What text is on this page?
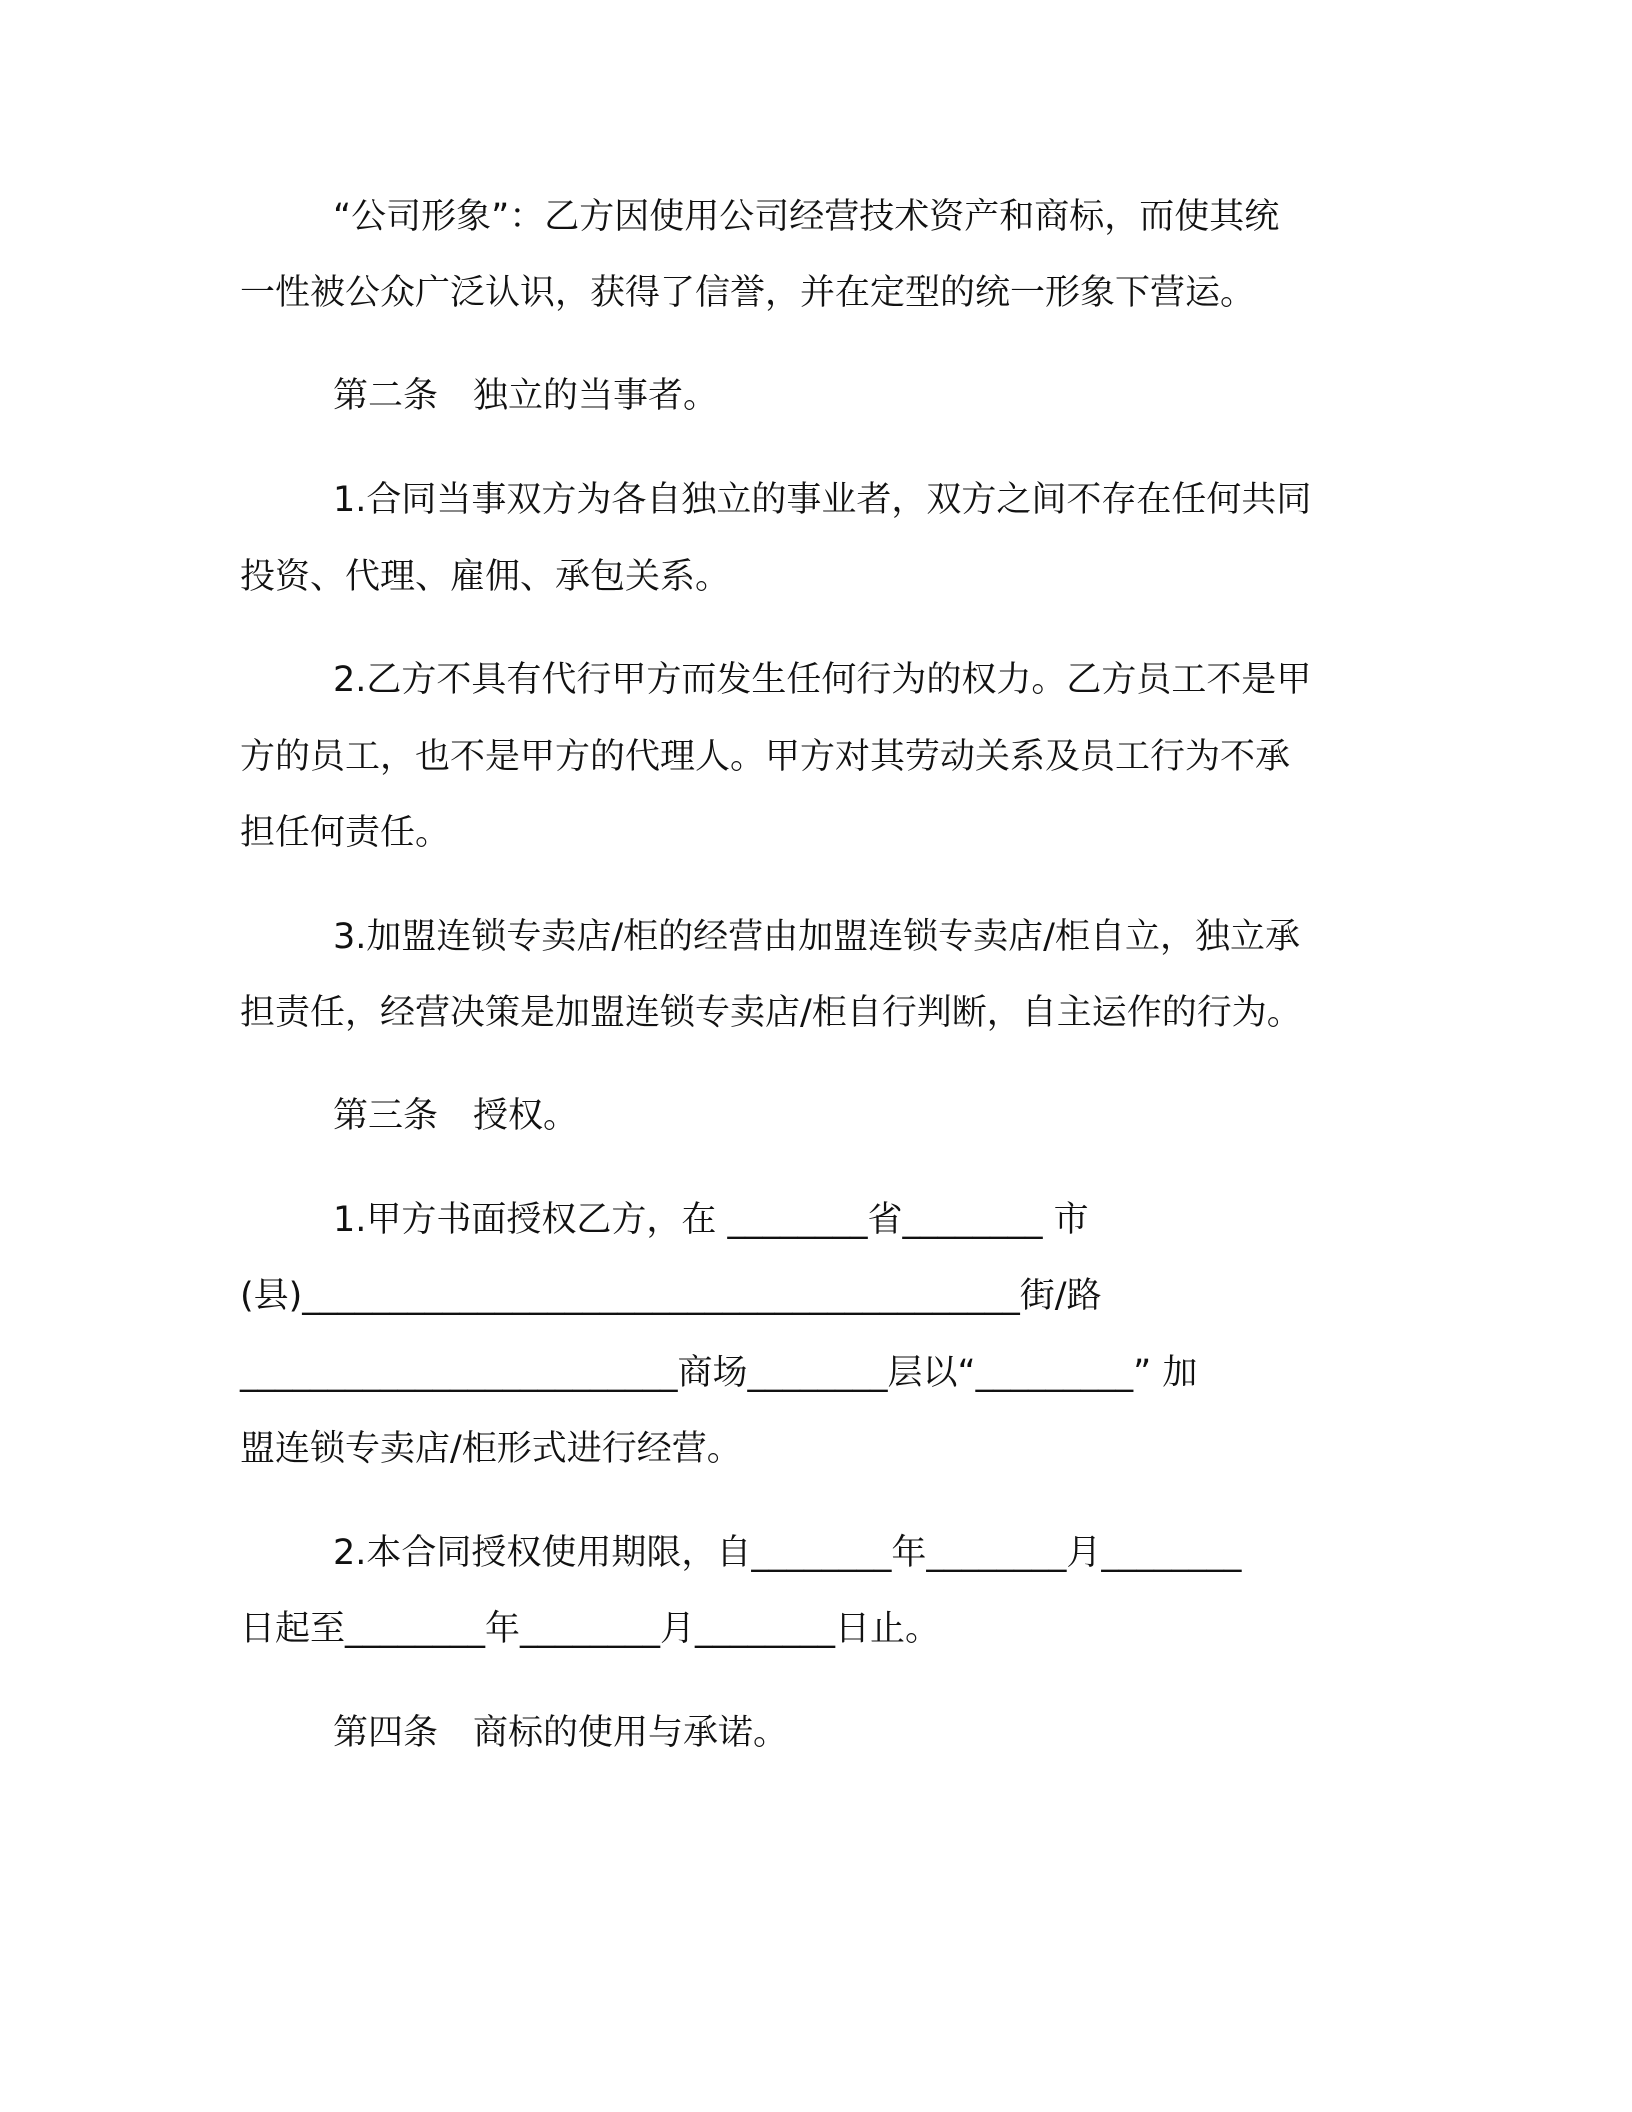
“公司形象”：乙方因使用公司经营技术资产和商标，而使其统
一性被公众广泛认识，获得了信誉，并在定型的统一形象下营运。
第二条　独立的当事者。
1.合同当事双方为各自独立的事业者，双方之间不存在任何共同
投资、代理、雇佣、承包关系。
2.乙方不具有代行甲方而发生任何行为的权力。乙方员工不是甲
方的员工，也不是甲方的代理人。甲方对其劳动关系及员工行为不承
担任何责任。
3.加盟连锁专卖店/柜的经营由加盟连锁专卖店/柜自立，独立承
担责任，经营决策是加盟连锁专卖店/柜自行判断，自主运作的行为。
第三条　授权。
1.甲方书面授权乙方，在 ________省________ 市
(县)_________________________________________街/路
_________________________商场________层以“_________” 加
盟连锁专卖店/柜形式进行经营。
2.本合同授权使用期限，自________年________月________
日起至________年________月________日止。
第四条　商标的使用与承诺。
